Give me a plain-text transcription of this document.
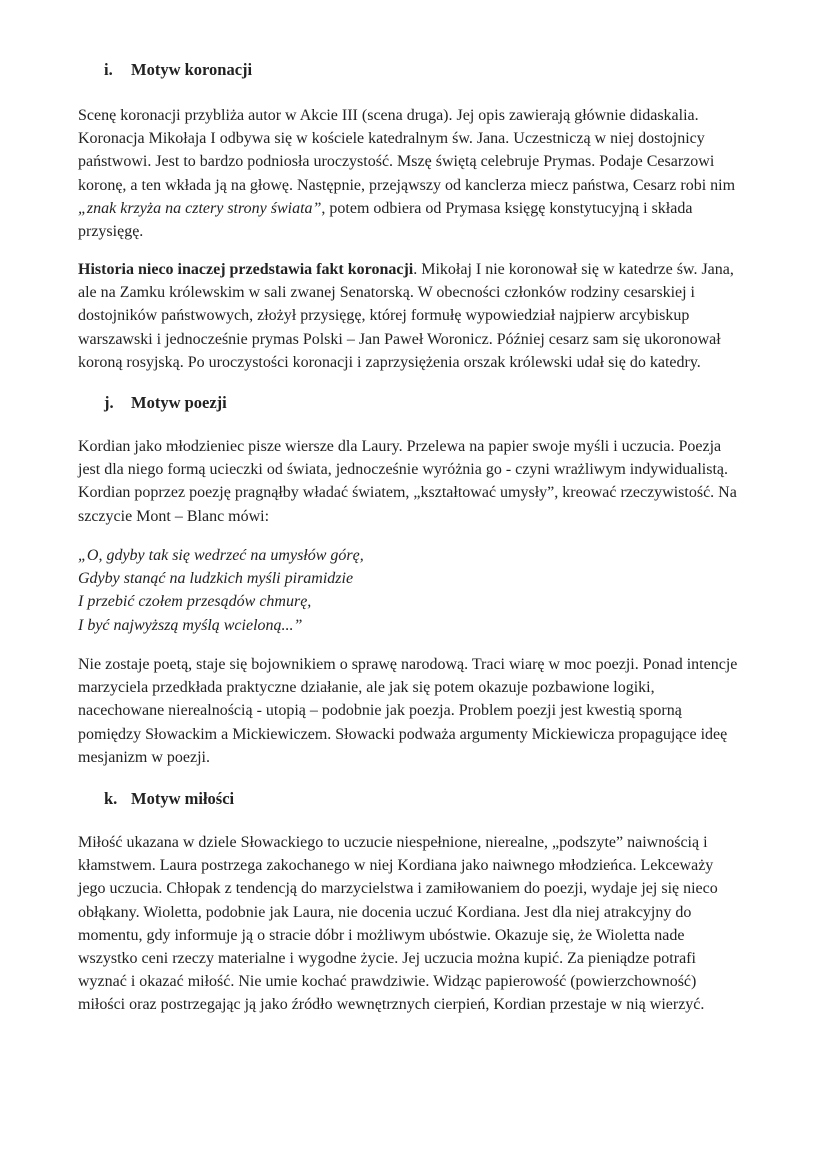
i. Motyw koronacji

Scenę koronacji przybliża autor w Akcie III (scena druga). Jej opis zawierają głównie didaskalia.
Koronacja Mikołaja I odbywa się w kościele katedralnym św. Jana. Uczestniczą w niej dostojnicy
państwowi. Jest to bardzo podniosła uroczystość. Mszę świętą celebruje Prymas. Podaje Cesarzowi
koronę, a ten wkłada ją na głowę. Następnie, przejąwszy od kanclerza miecz państwa, Cesarz robi nim
„znak krzyża na cztery strony świata”, potem odbiera od Prymasa księgę konstytucyjną i składa
przysięgę.

Historia nieco inaczej przedstawia fakt koronacji. Mikołaj I nie koronował się w katedrze św. Jana,
ale na Zamku królewskim w sali zwanej Senatorską. W obecności członków rodziny cesarskiej i
dostojników państwowych, złożył przysięgę, której formułę wypowiedział najpierw arcybiskup
warszawski i jednocześnie prymas Polski – Jan Paweł Woronicz. Później cesarz sam się ukoronował
koroną rosyjską. Po uroczystości koronacji i zaprzysiężenia orszak królewski udał się do katedry.

j. Motyw poezji

Kordian jako młodzieniec pisze wiersze dla Laury. Przelewa na papier swoje myśli i uczucia. Poezja
jest dla niego formą ucieczki od świata, jednocześnie wyróżnia go - czyni wrażliwym indywidualistą.
Kordian poprzez poezję pragnąłby władać światem, „kształtować umysły”, kreować rzeczywistość. Na
szczycie Mont – Blanc mówi:

„O, gdyby tak się wedrzeć na umysłów górę,
Gdyby stanąć na ludzkich myśli piramidzie
I przebić czołem przesądów chmurę,
I być najwyższą myślą wcieloną...”

Nie zostaje poetą, staje się bojownikiem o sprawę narodową. Traci wiarę w moc poezji. Ponad intencje
marzyciela przedkłada praktyczne działanie, ale jak się potem okazuje pozbawione logiki,
nacechowane nierealnością - utopią – podobnie jak poezja. Problem poezji jest kwestią sporną
pomiędzy Słowackim a Mickiewiczem. Słowacki podważa argumenty Mickiewicza propagujące ideę
mesjanizm w poezji.

k. Motyw miłości

Miłość ukazana w dziele Słowackiego to uczucie niespełnione, nierealne, „podszyte” naiwnością i
kłamstwem. Laura postrzega zakochanego w niej Kordiana jako naiwnego młodzieńca. Lekceważy
jego uczucia. Chłopak z tendencją do marzycielstwa i zamiłowaniem do poezji, wydaje jej się nieco
obłąkany. Wioletta, podobnie jak Laura, nie docenia uczuć Kordiana. Jest dla niej atrakcyjny do
momentu, gdy informuje ją o stracie dóbr i możliwym ubóstwie. Okazuje się, że Wioletta nade
wszystko ceni rzeczy materialne i wygodne życie. Jej uczucia można kupić. Za pieniądze potrafi
wyznać i okazać miłość. Nie umie kochać prawdziwie. Widząc papierowość (powierzchowność)
miłości oraz postrzegając ją jako źródło wewnętrznych cierpień, Kordian przestaje w nią wierzyć.
